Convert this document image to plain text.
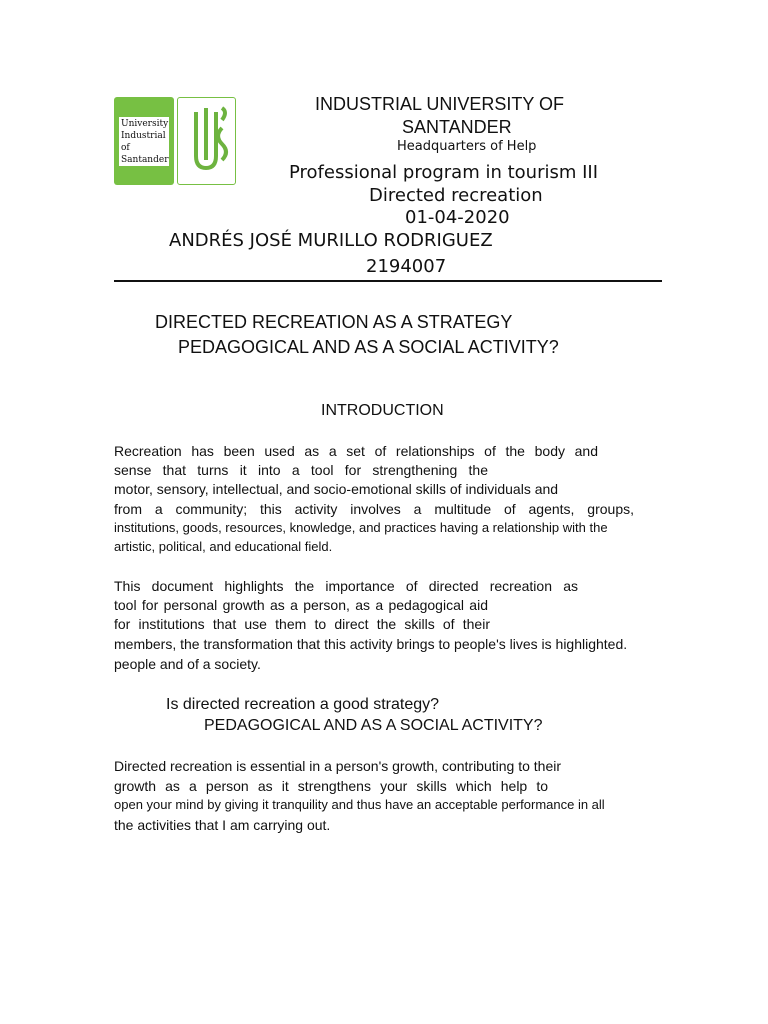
University
Industrial of
Santander
INDUSTRIAL UNIVERSITY OF
SANTANDER
Headquarters of Help
Professional program in tourism III
Directed recreation
01-04-2020
ANDRÉS JOSÉ MURILLO RODRIGUEZ
2194007
DIRECTED RECREATION AS A STRATEGY
PEDAGOGICAL AND AS A SOCIAL ACTIVITY?
INTRODUCTION
Recreation has been used as a set of relationships of the body and
sense that turns it into a tool for strengthening the
motor, sensory, intellectual, and socio-emotional skills of individuals and
from a community; this activity involves a multitude of agents, groups,
institutions, goods, resources, knowledge, and practices having a relationship with the
artistic, political, and educational field.
This document highlights the importance of directed recreation as
tool for personal growth as a person, as a pedagogical aid
for institutions that use them to direct the skills of their
members, the transformation that this activity brings to people's lives is highlighted.
people and of a society.
Is directed recreation a good strategy?
PEDAGOGICAL AND AS A SOCIAL ACTIVITY?
Directed recreation is essential in a person's growth, contributing to their
growth as a person as it strengthens your skills which help to
open your mind by giving it tranquility and thus have an acceptable performance in all
the activities that I am carrying out.
